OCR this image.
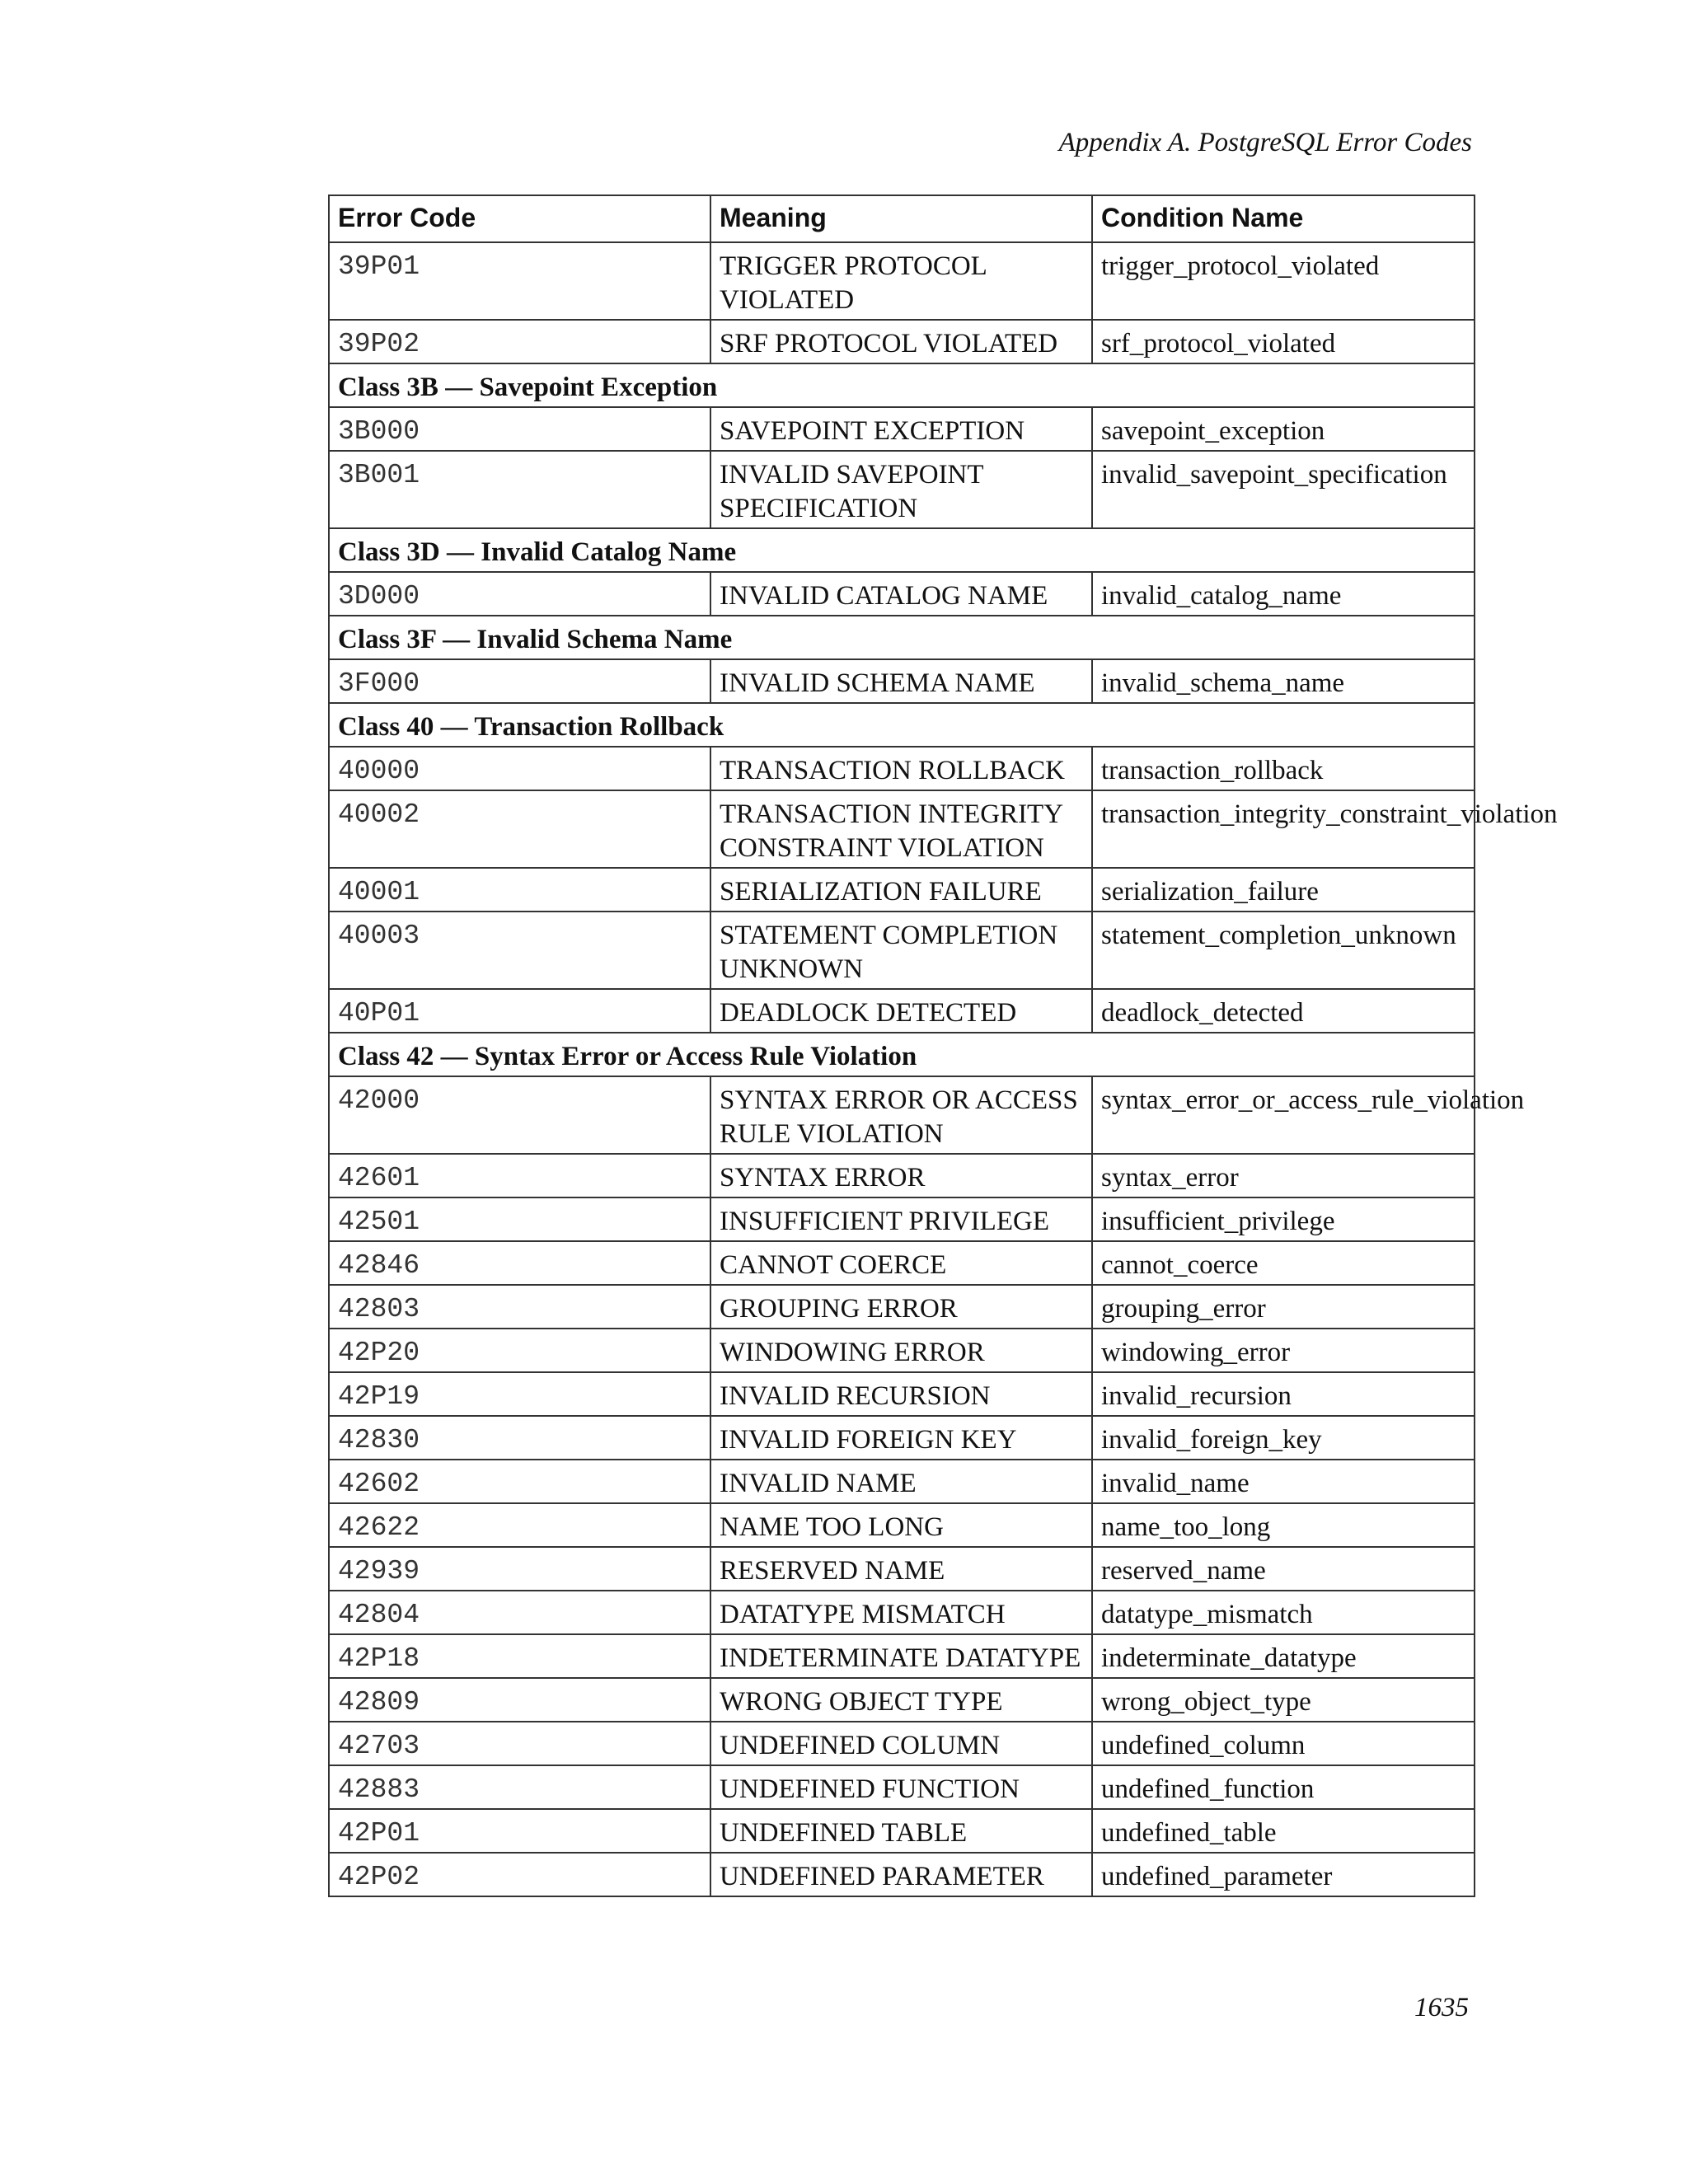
Appendix A. PostgreSQL Error Codes
Error Code	Meaning	Condition Name
39P01	TRIGGER PROTOCOL VIOLATED	trigger_protocol_violated
39P02	SRF PROTOCOL VIOLATED	srf_protocol_violated
Class 3B — Savepoint Exception		
3B000	SAVEPOINT EXCEPTION	savepoint_exception
3B001	INVALID SAVEPOINT SPECIFICATION	invalid_savepoint_specification
Class 3D — Invalid Catalog Name		
3D000	INVALID CATALOG NAME	invalid_catalog_name
Class 3F — Invalid Schema Name		
3F000	INVALID SCHEMA NAME	invalid_schema_name
Class 40 — Transaction Rollback		
40000	TRANSACTION ROLLBACK	transaction_rollback
40002	TRANSACTION INTEGRITY CONSTRAINT VIOLATION	transaction_integrity_constraint_violation
40001	SERIALIZATION FAILURE	serialization_failure
40003	STATEMENT COMPLETION UNKNOWN	statement_completion_unknown
40P01	DEADLOCK DETECTED	deadlock_detected
Class 42 — Syntax Error or Access Rule Violation		
42000	SYNTAX ERROR OR ACCESS RULE VIOLATION	syntax_error_or_access_rule_violation
42601	SYNTAX ERROR	syntax_error
42501	INSUFFICIENT PRIVILEGE	insufficient_privilege
42846	CANNOT COERCE	cannot_coerce
42803	GROUPING ERROR	grouping_error
42P20	WINDOWING ERROR	windowing_error
42P19	INVALID RECURSION	invalid_recursion
42830	INVALID FOREIGN KEY	invalid_foreign_key
42602	INVALID NAME	invalid_name
42622	NAME TOO LONG	name_too_long
42939	RESERVED NAME	reserved_name
42804	DATATYPE MISMATCH	datatype_mismatch
42P18	INDETERMINATE DATATYPE	indeterminate_datatype
42809	WRONG OBJECT TYPE	wrong_object_type
42703	UNDEFINED COLUMN	undefined_column
42883	UNDEFINED FUNCTION	undefined_function
42P01	UNDEFINED TABLE	undefined_table
42P02	UNDEFINED PARAMETER	undefined_parameter
1635
